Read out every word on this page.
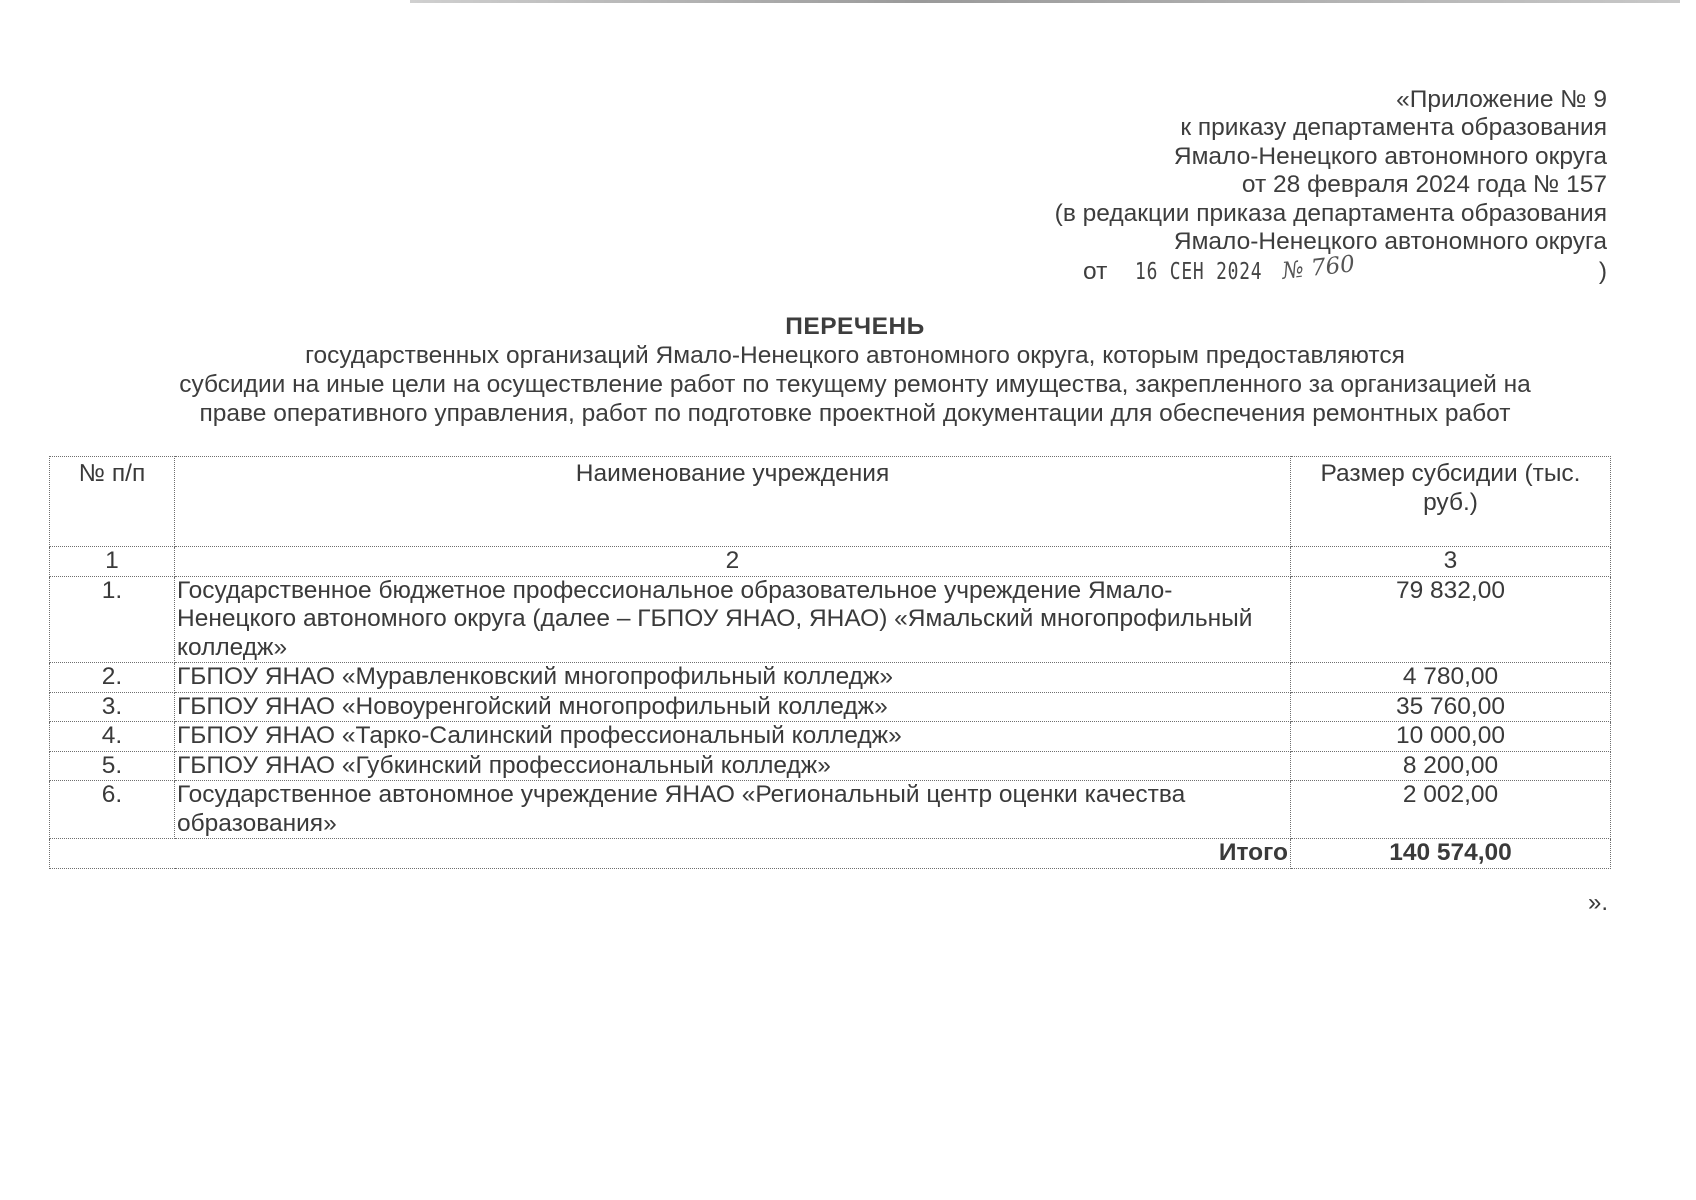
«Приложение № 9
к приказу департамента образования
Ямало-Ненецкого автономного округа
от 28 февраля 2024 года № 157
(в редакции приказа департамента образования
Ямало-Ненецкого автономного округа
от 16 СЕН 2024 № 760	)
ПЕРЕЧЕНЬ
государственных организаций Ямало-Ненецкого автономного округа, которым предоставляются
субсидии на иные цели на осуществление работ по текущему ремонту имущества, закрепленного за организацией на
праве оперативного управления, работ по подготовке проектной документации для обеспечения ремонтных работ
№ п/п	Наименование учреждения	Размер субсидии (тыс. руб.)
1	2	3
1.	Государственное бюджетное профессиональное образовательное учреждение Ямало-Ненецкого автономного округа (далее – ГБПОУ ЯНАО, ЯНАО) «Ямальский многопрофильный колледж»	79 832,00
2.	ГБПОУ ЯНАО «Муравленковский многопрофильный колледж»	4 780,00
3.	ГБПОУ ЯНАО «Новоуренгойский многопрофильный колледж»	35 760,00
4.	ГБПОУ ЯНАО «Тарко-Салинский профессиональный колледж»	10 000,00
5.	ГБПОУ ЯНАО «Губкинский профессиональный колледж»	8 200,00
6.	Государственное автономное учреждение ЯНАО «Региональный центр оценки качества образования»	2 002,00
	Итого	140 574,00
».
